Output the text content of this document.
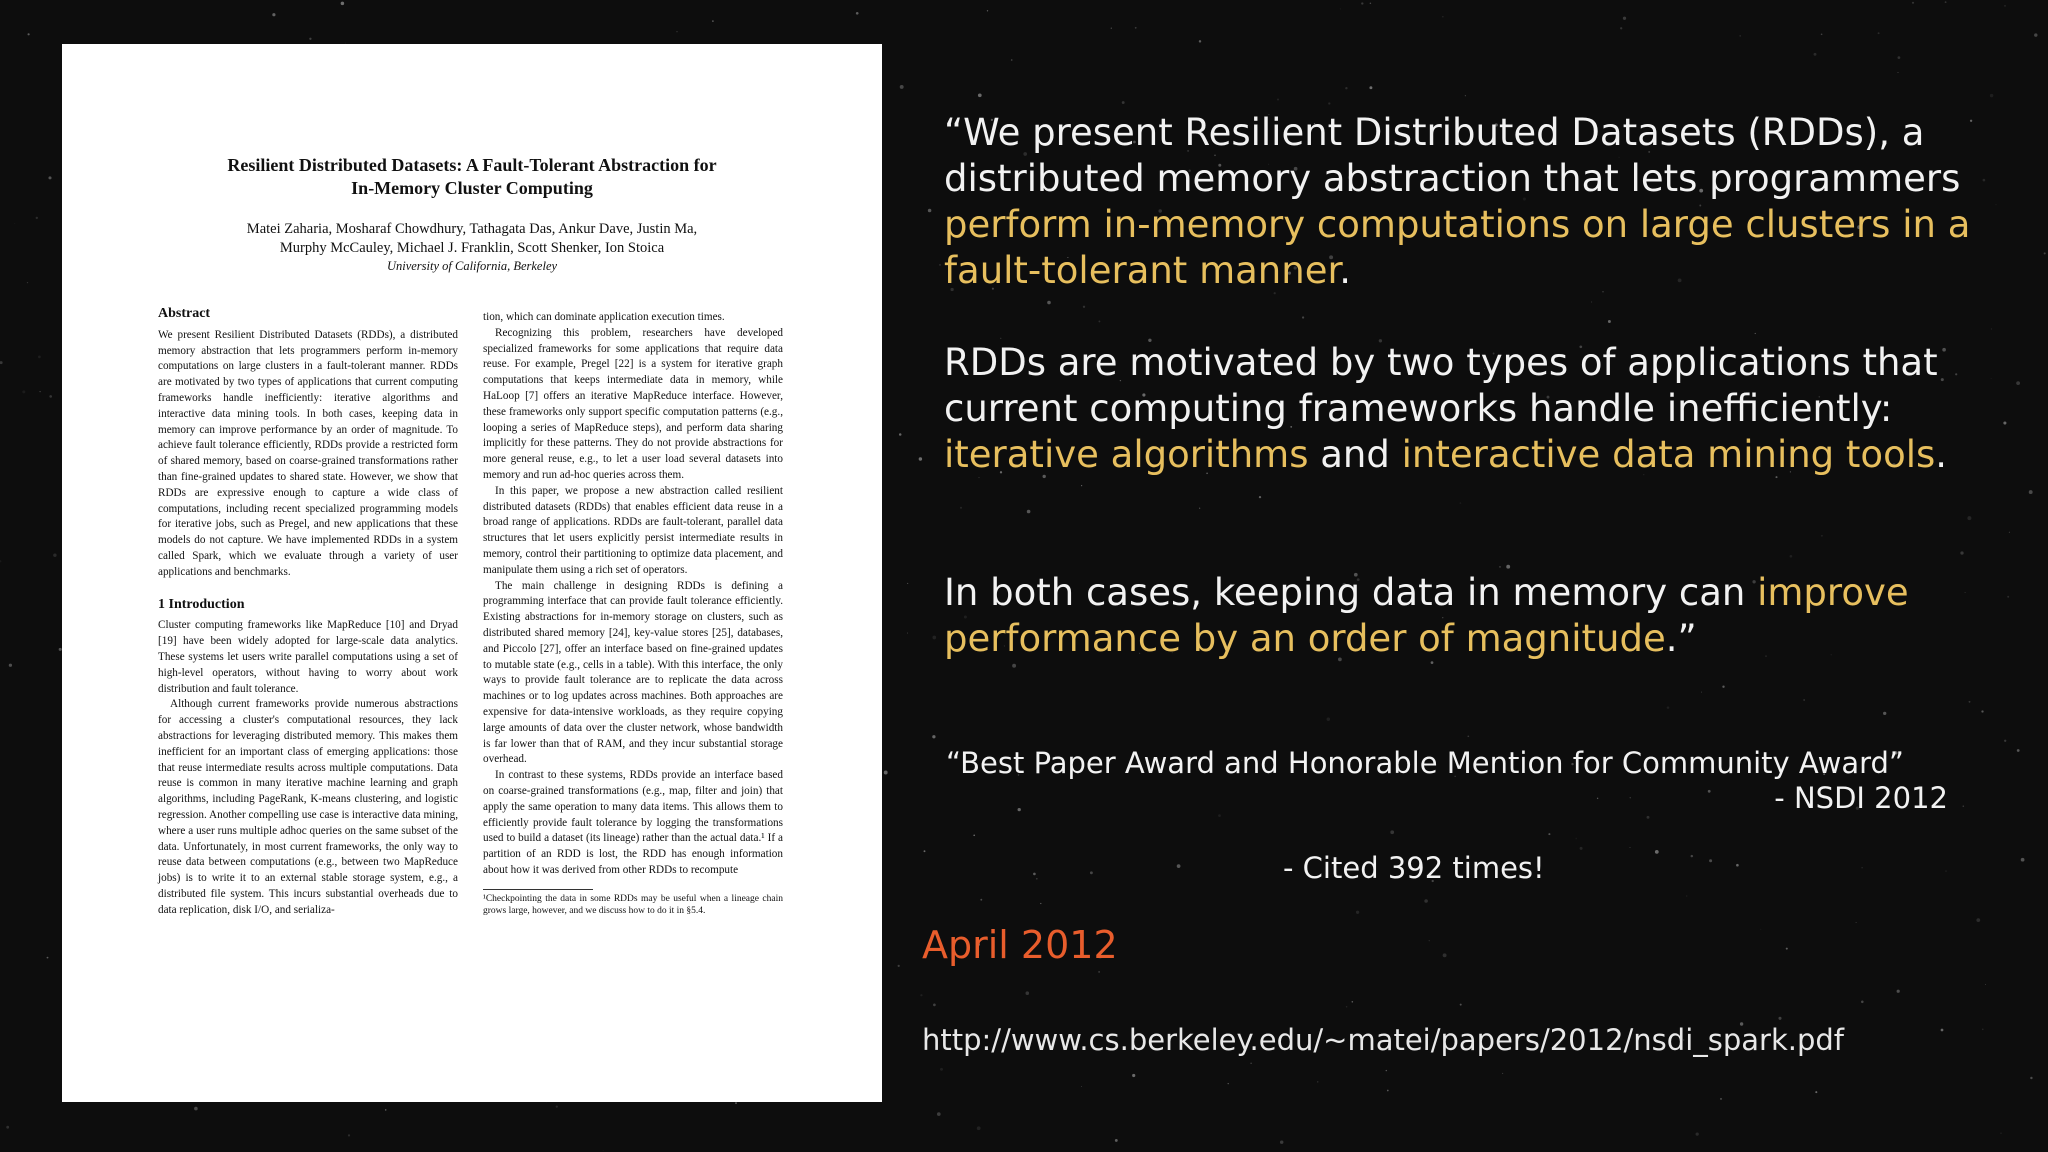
Resilient Distributed Datasets: A Fault-Tolerant Abstraction for
In-Memory Cluster Computing
Matei Zaharia, Mosharaf Chowdhury, Tathagata Das, Ankur Dave, Justin Ma,
Murphy McCauley, Michael J. Franklin, Scott Shenker, Ion Stoica
University of California, Berkeley
Abstract

We present Resilient Distributed Datasets (RDDs), a distributed memory abstraction that lets programmers perform in-memory computations on large clusters in a fault-tolerant manner. RDDs are motivated by two types of applications that current computing frameworks handle inefficiently: iterative algorithms and interactive data mining tools. In both cases, keeping data in memory can improve performance by an order of magnitude. To achieve fault tolerance efficiently, RDDs provide a restricted form of shared memory, based on coarse-grained transformations rather than fine-grained updates to shared state. However, we show that RDDs are expressive enough to capture a wide class of computations, including recent specialized programming models for iterative jobs, such as Pregel, and new applications that these models do not capture. We have implemented RDDs in a system called Spark, which we evaluate through a variety of user applications and benchmarks.

1 Introduction

Cluster computing frameworks like MapReduce [10] and Dryad [19] have been widely adopted for large-scale data analytics. These systems let users write parallel computations using a set of high-level operators, without having to worry about work distribution and fault tolerance.

Although current frameworks provide numerous abstractions for accessing a cluster's computational resources, they lack abstractions for leveraging distributed memory. This makes them inefficient for an important class of emerging applications: those that reuse intermediate results across multiple computations. Data reuse is common in many iterative machine learning and graph algorithms, including PageRank, K-means clustering, and logistic regression. Another compelling use case is interactive data mining, where a user runs multiple adhoc queries on the same subset of the data. Unfortunately, in most current frameworks, the only way to reuse data between computations (e.g., between two MapReduce jobs) is to write it to an external stable storage system, e.g., a distributed file system. This incurs substantial overheads due to data replication, disk I/O, and serializa-

tion, which can dominate application execution times.

Recognizing this problem, researchers have developed specialized frameworks for some applications that require data reuse. For example, Pregel [22] is a system for iterative graph computations that keeps intermediate data in memory, while HaLoop [7] offers an iterative MapReduce interface. However, these frameworks only support specific computation patterns (e.g., looping a series of MapReduce steps), and perform data sharing implicitly for these patterns. They do not provide abstractions for more general reuse, e.g., to let a user load several datasets into memory and run ad-hoc queries across them.

In this paper, we propose a new abstraction called resilient distributed datasets (RDDs) that enables efficient data reuse in a broad range of applications. RDDs are fault-tolerant, parallel data structures that let users explicitly persist intermediate results in memory, control their partitioning to optimize data placement, and manipulate them using a rich set of operators.

The main challenge in designing RDDs is defining a programming interface that can provide fault tolerance efficiently. Existing abstractions for in-memory storage on clusters, such as distributed shared memory [24], key-value stores [25], databases, and Piccolo [27], offer an interface based on fine-grained updates to mutable state (e.g., cells in a table). With this interface, the only ways to provide fault tolerance are to replicate the data across machines or to log updates across machines. Both approaches are expensive for data-intensive workloads, as they require copying large amounts of data over the cluster network, whose bandwidth is far lower than that of RAM, and they incur substantial storage overhead.

In contrast to these systems, RDDs provide an interface based on coarse-grained transformations (e.g., map, filter and join) that apply the same operation to many data items. This allows them to efficiently provide fault tolerance by logging the transformations used to build a dataset (its lineage) rather than the actual data.¹ If a partition of an RDD is lost, the RDD has enough information about how it was derived from other RDDs to recompute

¹Checkpointing the data in some RDDs may be useful when a lineage chain grows large, however, and we discuss how to do it in §5.4.

“We present Resilient Distributed Datasets (RDDs), a distributed memory abstraction that lets programmers perform in-memory computations on large clusters in a fault-tolerant manner.
RDDs are motivated by two types of applications that current computing frameworks handle inefficiently: iterative algorithms and interactive data mining tools.
In both cases, keeping data in memory can improve performance by an order of magnitude.”
“Best Paper Award and Honorable Mention for Community Award”
- NSDI 2012
- Cited 392 times!
April 2012
http://www.cs.berkeley.edu/~matei/papers/2012/nsdi_spark.pdf
